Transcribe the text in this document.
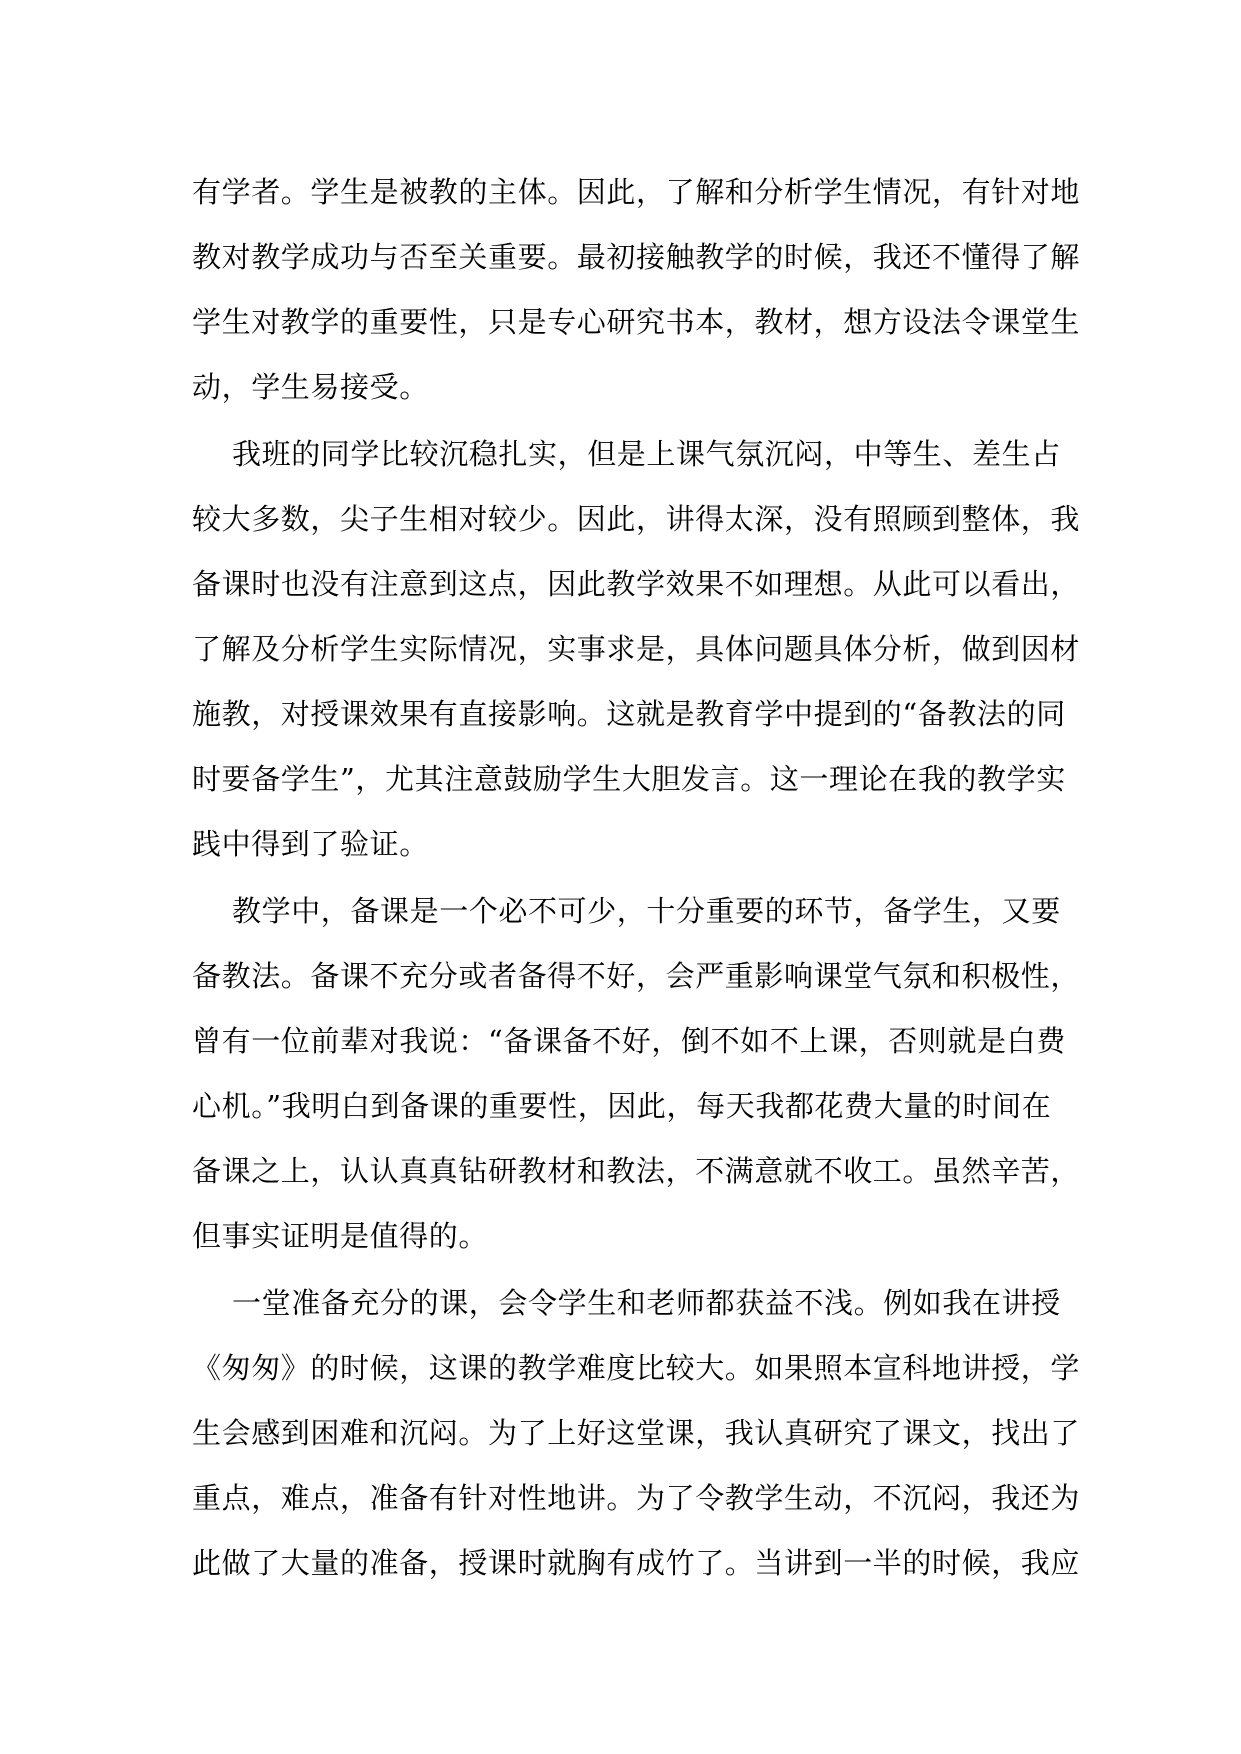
有学者。学生是被教的主体。因此，了解和分析学生情况，有针对地
教对教学成功与否至关重要。最初接触教学的时候，我还不懂得了解
学生对教学的重要性，只是专心研究书本，教材，想方设法令课堂生
动，学生易接受。

我班的同学比较沉稳扎实，但是上课气氛沉闷，中等生、差生占
较大多数，尖子生相对较少。因此，讲得太深，没有照顾到整体，我
备课时也没有注意到这点，因此教学效果不如理想。从此可以看出，
了解及分析学生实际情况，实事求是，具体问题具体分析，做到因材
施教，对授课效果有直接影响。这就是教育学中提到的“备教法的同
时要备学生”，尤其注意鼓励学生大胆发言。这一理论在我的教学实
践中得到了验证。

教学中，备课是一个必不可少，十分重要的环节，备学生，又要
备教法。备课不充分或者备得不好，会严重影响课堂气氛和积极性，
曾有一位前辈对我说：“备课备不好，倒不如不上课，否则就是白费
心机。”我明白到备课的重要性，因此，每天我都花费大量的时间在
备课之上，认认真真钻研教材和教法，不满意就不收工。虽然辛苦，
但事实证明是值得的。

一堂准备充分的课，会令学生和老师都获益不浅。例如我在讲授
《匆匆》的时候，这课的教学难度比较大。如果照本宣科地讲授，学
生会感到困难和沉闷。为了上好这堂课，我认真研究了课文，找出了
重点，难点，准备有针对性地讲。为了令教学生动，不沉闷，我还为
此做了大量的准备，授课时就胸有成竹了。当讲到一半的时候，我应
